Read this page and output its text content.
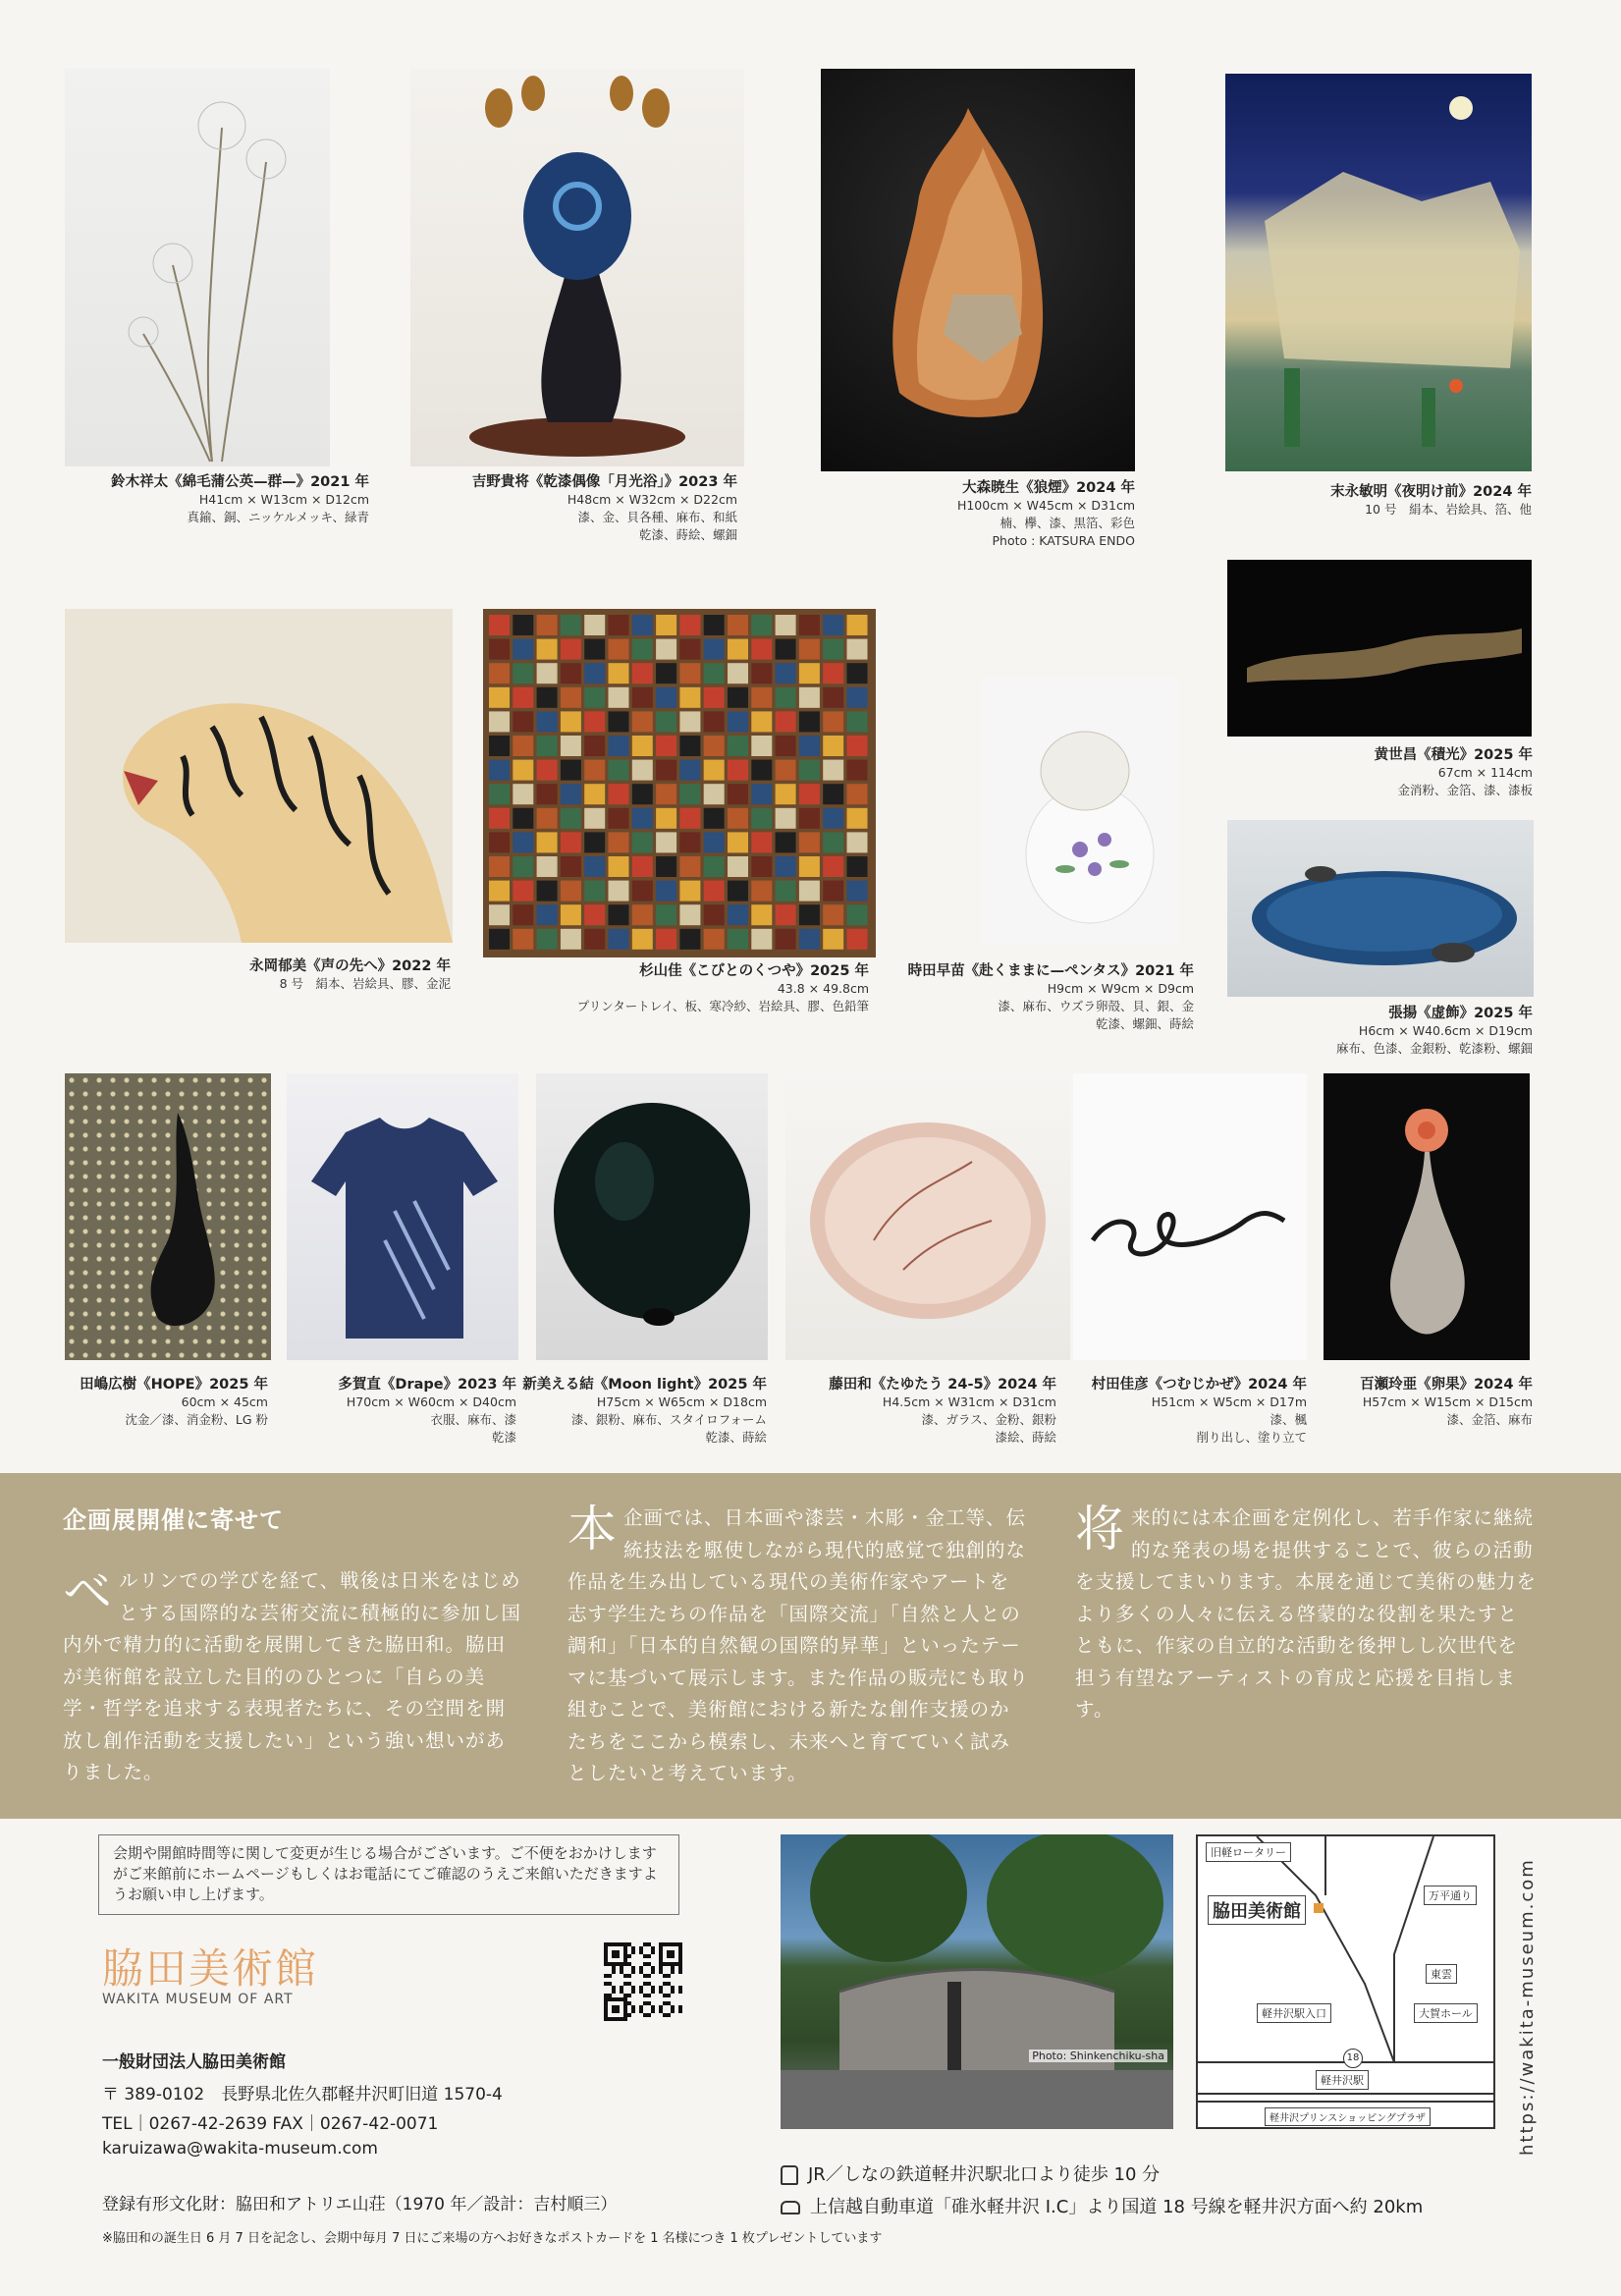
鈴木祥太《綿毛蒲公英—群—》2021 年
H41cm × W13cm × D12cm
真鍮、銅、ニッケルメッキ、緑青
吉野貴将《乾漆偶像「月光浴」》2023 年
H48cm × W32cm × D22cm
漆、金、貝各種、麻布、和紙
乾漆、蒔絵、螺鈿
大森暁生《狼煙》2024 年
H100cm × W45cm × D31cm
楠、欅、漆、黒箔、彩色
Photo : KATSURA ENDO
末永敏明《夜明け前》2024 年
10 号　絹本、岩絵具、箔、他
永岡郁美《声の先へ》2022 年
8 号　絹本、岩絵具、膠、金泥
杉山佳《こびとのくつや》2025 年
43.8 × 49.8cm
プリンタートレイ、板、寒冷紗、岩絵具、膠、色鉛筆
時田早苗《赴くままに—ペンタス》2021 年
H9cm × W9cm × D9cm
漆、麻布、ウズラ卵殻、貝、銀、金
乾漆、螺鈿、蒔絵
黄世昌《積光》2025 年
67cm × 114cm
金消粉、金箔、漆、漆板
張揚《虚飾》2025 年
H6cm × W40.6cm × D19cm
麻布、色漆、金銀粉、乾漆粉、螺鈿
田嶋広樹《HOPE》2025 年
60cm × 45cm
沈金／漆、消金粉、LG 粉
多賀直《Drape》2023 年
H70cm × W60cm × D40cm
衣服、麻布、漆
乾漆
新美える結《Moon light》2025 年
H75cm × W65cm × D18cm
漆、銀粉、麻布、スタイロフォーム
乾漆、蒔絵
藤田和《たゆたう 24-5》2024 年
H4.5cm × W31cm × D31cm
漆、ガラス、金粉、銀粉
漆絵、蒔絵
村田佳彦《つむじかぜ》2024 年
H51cm × W5cm × D17m
漆、楓
削り出し、塗り立て
百瀬玲亜《卵果》2024 年
H57cm × W15cm × D15cm
漆、金箔、麻布
企画展開催に寄せて
ベルリンでの学びを経て、戦後は日米をはじめとする国際的な芸術交流に積極的に参加し国内外で精力的に活動を展開してきた脇田和。脇田が美術館を設立した目的のひとつに「自らの美学・哲学を追求する表現者たちに、その空間を開放し創作活動を支援したい」という強い想いがありました。
本企画では、日本画や漆芸・木彫・金工等、伝統技法を駆使しながら現代的感覚で独創的な作品を生み出している現代の美術作家やアートを志す学生たちの作品を「国際交流」「自然と人との調和」「日本的自然観の国際的昇華」といったテーマに基づいて展示します。また作品の販売にも取り組むことで、美術館における新たな創作支援のかたちをここから模索し、未来へと育てていく試みとしたいと考えています。
将来的には本企画を定例化し、若手作家に継続的な発表の場を提供することで、彼らの活動を支援してまいります。本展を通じて美術の魅力をより多くの人々に伝える啓蒙的な役割を果たすとともに、作家の自立的な活動を後押しし次世代を担う有望なアーティストの育成と応援を目指します。
会期や開館時間等に関して変更が生じる場合がございます。ご不便をおかけしますがご来館前にホームページもしくはお電話にてご確認のうえご来館いただきますようお願い申し上げます。
脇田美術館
WAKITA MUSEUM OF ART
一般財団法人脇田美術館
〒 389-0102　長野県北佐久郡軽井沢町旧道 1570-4
TEL｜0267-42-2639 FAX｜0267-42-0071
karuizawa@wakita-museum.com
登録有形文化財：脇田和アトリエ山荘（1970 年／設計：吉村順三）
※脇田和の誕生日 6 月 7 日を記念し、会期中毎月 7 日にご来場の方へお好きなポストカードを 1 名様につき 1 枚プレゼントしています
Photo: Shinkenchiku-sha
旧軽ロータリー
脇田美術館
万平通り
東雲
軽井沢駅入口	大賀ホール
18
軽井沢駅
軽井沢プリンスショッピングプラザ	https://wakita-museum.com
JR／しなの鉄道軽井沢駅北口より徒歩 10 分
上信越自動車道「碓氷軽井沢 I.C」より国道 18 号線を軽井沢方面へ約 20km
